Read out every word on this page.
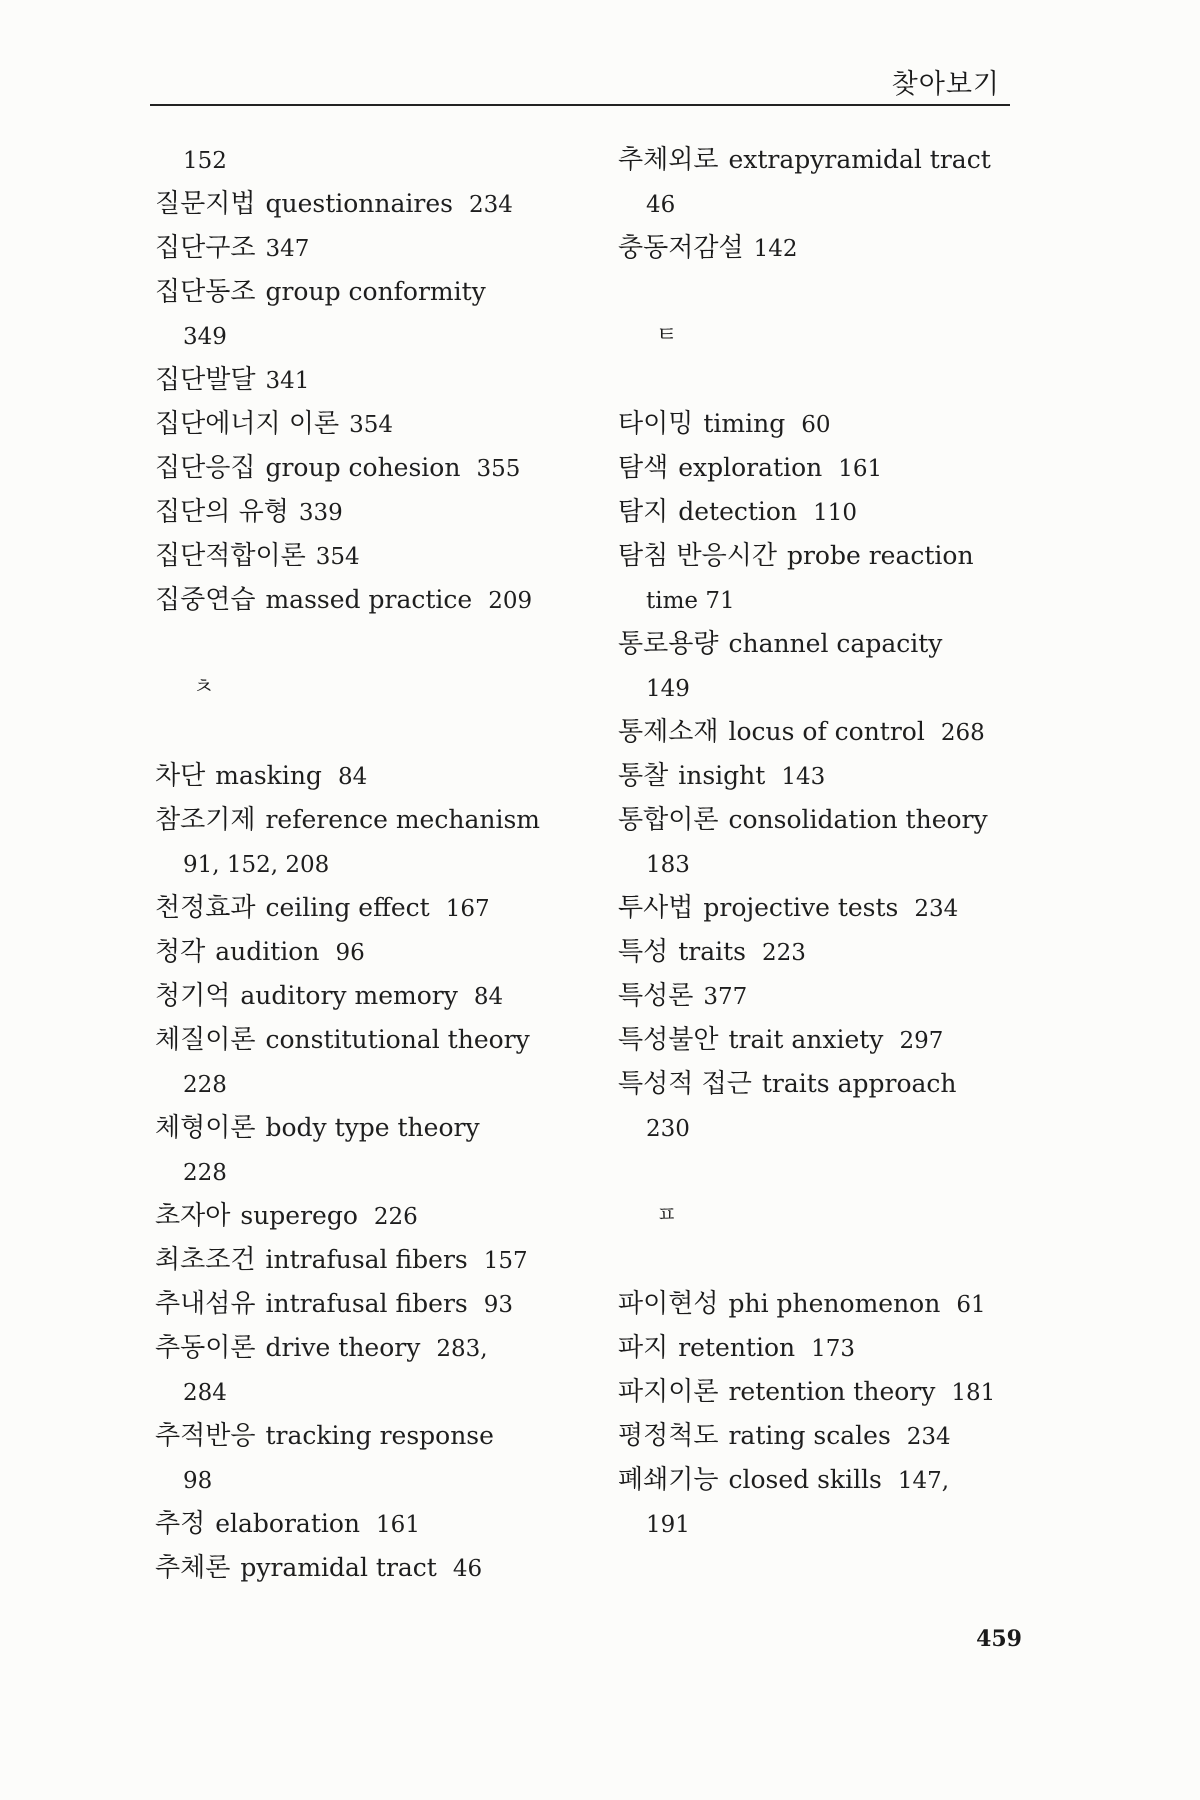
찾아보기
152
질문지법 questionnaires 234
집단구조 347
집단동조 group conformity
349
집단발달 341
집단에너지 이론 354
집단응집 group cohesion 355
집단의 유형 339
집단적합이론 354
집중연습 massed practice 209
ㅊ
차단 masking 84
참조기제 reference mechanism
91, 152, 208
천정효과 ceiling effect 167
청각 audition 96
청기억 auditory memory 84
체질이론 constitutional theory
228
체형이론 body type theory
228
초자아 superego 226
최초조건 intrafusal fibers 157
추내섬유 intrafusal fibers 93
추동이론 drive theory 283,
284
추적반응 tracking response
98
추정 elaboration 161
추체론 pyramidal tract 46
추체외로 extrapyramidal tract
46
충동저감설 142
ㅌ
타이밍 timing 60
탐색 exploration 161
탐지 detection 110
탐침 반응시간 probe reaction
time 71
통로용량 channel capacity
149
통제소재 locus of control 268
통찰 insight 143
통합이론 consolidation theory
183
투사법 projective tests 234
특성 traits 223
특성론 377
특성불안 trait anxiety 297
특성적 접근 traits approach
230
ㅍ
파이현성 phi phenomenon 61
파지 retention 173
파지이론 retention theory 181
평정척도 rating scales 234
폐쇄기능 closed skills 147,
191
459
